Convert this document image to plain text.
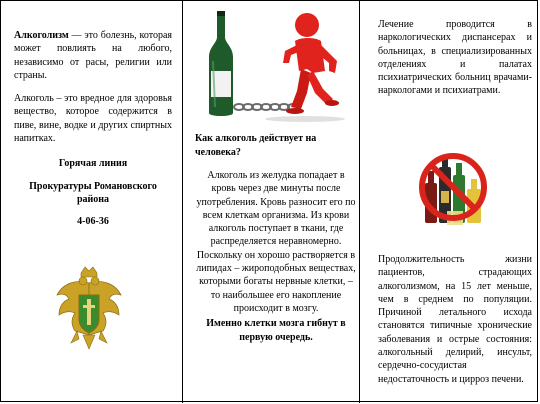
Алкоголизм — это болезнь, которая может повлиять на любого, независимо от расы, религии или страны.

Алкоголь – это вредное для здоровья вещество, которое содержится в пиве, вине, водке и других спиртных напитках.

Горячая линия

Прокуратуры Романовского района

4-06-36

Как алкоголь действует на человека?

Алкоголь из желудка попадает в кровь через две минуты после употребления. Кровь разносит его по всем клеткам организма. Из крови алкоголь поступает в ткани, где распределяется неравномерно. Поскольку он хорошо растворяется в липидах – жироподобных веществах, которыми богаты нервные клетки, – то наибольшее его накопление происходит в мозгу.

Именно клетки мозга гибнут в первую очередь.

Лечение проводится в наркологических диспансерах и больницах, в специализированных отделениях и палатах психиатрических больниц врачами-наркологами и психиатрами.

Продолжительность жизни пациентов, страдающих алкоголизмом, на 15 лет меньше, чем в среднем по популяции. Причиной летального исхода становятся типичные хронические заболевания и острые состояния: алкогольный делирий, инсульт, сердечно-сосудистая недостаточность и цирроз печени.
